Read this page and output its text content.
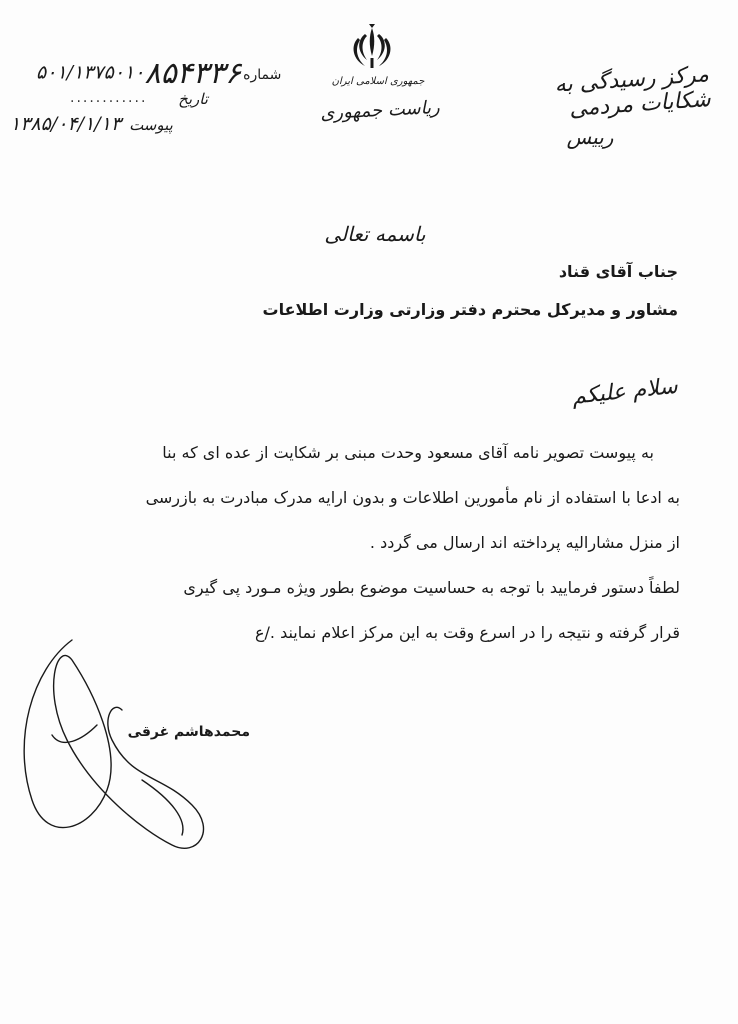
۵۰۱/۱۳۷۵۰۱۰	شماره۸۵۴۳۳۶
............	تاریخ
۱۳۸۵/۰۴/۱/۱۳ پیوست
جمهوری اسلامی ایران
ریاست جمهوری
مرکز رسیدگی به شکایات مردمی
رییس
باسمه تعالی
جناب آقای قناد
مشاور و مدیرکل محترم دفتر وزارتی وزارت اطلاعات
سلام علیکم

به پیوست تصویر نامه آقای مسعود وحدت مبنی بر شکایت از عده ای که بنا

به ادعا با استفاده از نام مأمورین اطلاعات و بدون ارایه مدرک مبادرت به بازرسی

از منزل مشارالیه پرداخته اند ارسال می گردد .

لطفاً دستور فرمایید با توجه به حساسیت موضوع بطور ویژه مـورد پی گیری

قرار گرفته و نتیجه را در اسرع وقت به این مرکز اعلام نمایند ./ع

محمدهاشم غرقی
